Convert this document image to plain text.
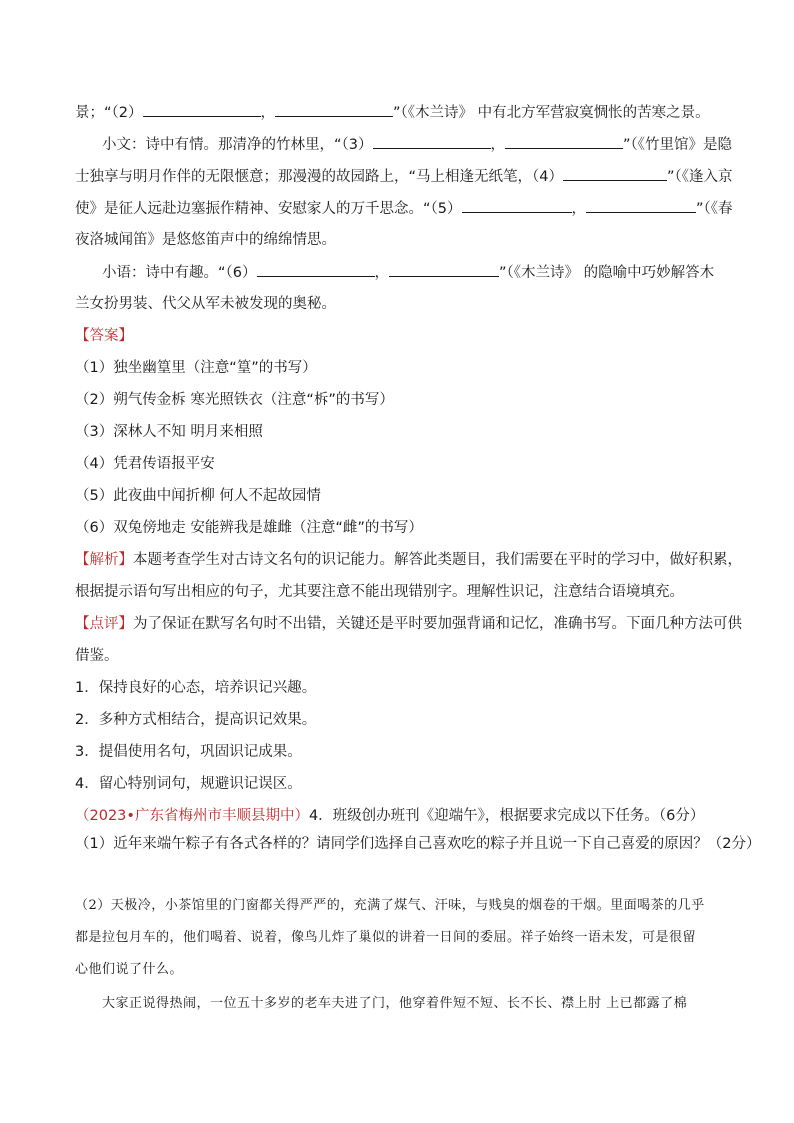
景；“（2）	，	”（《木兰诗》 中有北方军营寂寞惆怅的苦寒之景。
小文：诗中有情。那清净的竹林里，“（3）	，	”（《竹里馆》是隐
士独享与明月作伴的无限惬意；那漫漫的故园路上，“马上相逢无纸笔，（4）	”（《逢入京
使》是征人远赴边塞振作精神、安慰家人的万千思念。“（5）	，	”（《春
夜洛城闻笛》是悠悠笛声中的绵绵情思。
小语：诗中有趣。“（6）	，	”（《木兰诗》 的隐喻中巧妙解答木
兰女扮男装、代父从军未被发现的奥秘。
【答案】
（1）独坐幽篁里（注意“篁”的书写）
（2）朔气传金柝 寒光照铁衣（注意“柝”的书写）
（3）深林人不知 明月来相照
（4）凭君传语报平安
（5）此夜曲中闻折柳 何人不起故园情
（6）双兔傍地走 安能辨我是雄雌（注意“雌”的书写）
【解析】本题考查学生对古诗文名句的识记能力。解答此类题目，我们需要在平时的学习中，做好积累，
根据提示语句写出相应的句子，尤其要注意不能出现错别字。理解性识记，注意结合语境填充。
【点评】为了保证在默写名句时不出错，关键还是平时要加强背诵和记忆，准确书写。下面几种方法可供
借鉴。
1．保持良好的心态，培养识记兴趣。
2．多种方式相结合，提高识记效果。
3．提倡使用名句，巩固识记成果。
4．留心特别词句，规避识记误区。
（2023•广东省梅州市丰顺县期中）4．班级创办班刊《迎端午》，根据要求完成以下任务。（6分）
（1）近年来端午粽子有各式各样的？请同学们选择自己喜欢吃的粽子并且说一下自己喜爱的原因？（2分）
（2）天极冷，小茶馆里的门窗都关得严严的，充满了煤气、汗味，与贱臭的烟卷的干烟。里面喝茶的几乎
都是拉包月车的，他们喝着、说着，像鸟儿炸了巢似的讲着一日间的委屈。祥子始终一语未发，可是很留
心他们说了什么。
大家正说得热闹，一位五十多岁的老车夫进了门，他穿着件短不短、长不长、襟上肘 上已都露了棉
